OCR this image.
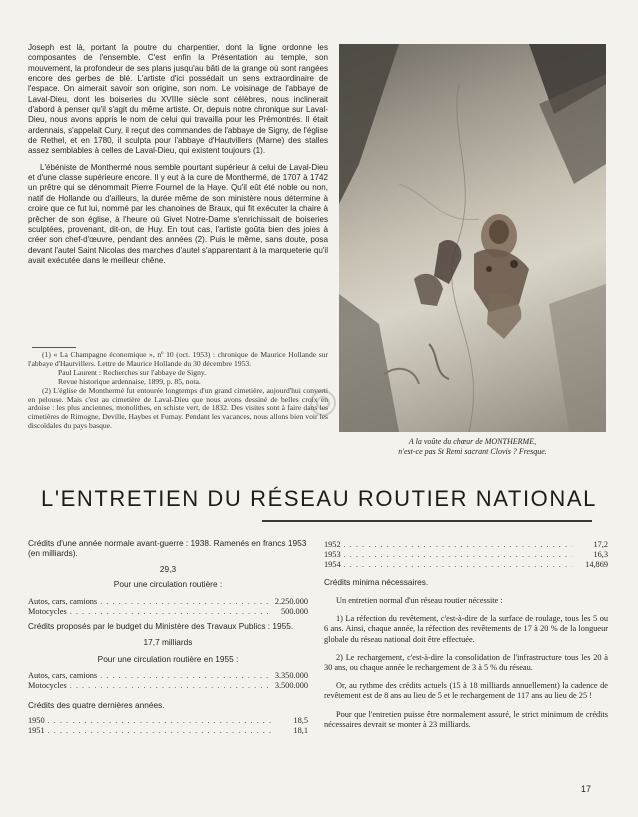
Joseph est là, portant la poutre du charpentier, dont la ligne ordonne les composantes de l'ensemble. C'est enfin la Présentation au temple, son mouvement, la profondeur de ses plans jusqu'au bâti de la grange où sont rangées encore des gerbes de blé. L'artiste d'ici possédait un sens extraordinaire de l'espace. On aimerait savoir son origine, son nom. Le voisinage de l'abbaye de Laval-Dieu, dont les boiseries du XVIIIe siècle sont célèbres, nous inclinerait d'abord à penser qu'il s'agit du même artiste. Or, depuis notre chronique sur Laval-Dieu, nous avons appris le nom de celui qui travailla pour les Prémontrés. Il était ardennais, s'appelait Cury, il reçut des commandes de l'abbaye de Signy, de l'église de Rethel, et en 1780, il sculpta pour l'abbaye d'Hautvillers (Marne) des stalles assez semblables à celles de Laval-Dieu, qui existent toujours (1).

L'ébéniste de Monthermé nous semble pourtant supérieur à celui de Laval-Dieu et d'une classe supérieure encore. Il y eut à la cure de Monthermé, de 1707 à 1742 un prêtre qui se dénommait Pierre Fournel de la Haye. Qu'il eût été noble ou non, natif de Hollande ou d'ailleurs, la durée même de son ministère nous détermine à croire que ce fut lui, nommé par les chanoines de Braux, qui fit exécuter la chaire à prêcher de son église, à l'heure où Givet Notre-Dame s'enrichissait de boiseries sculptées, provenant, dit-on, de Huy. En tout cas, l'artiste goûta bien des joies à créer son chef-d'œuvre, pendant des années (2). Puis le même, sans doute, posa devant l'autel Saint Nicolas des marches d'autel s'apparentant à la marqueterie qu'il avait exécutée dans le meilleur chêne.

(1) « La Champagne économique », nº 10 (oct. 1953) : chronique de Maurice Hollande sur l'abbaye d'Hautvillers. Lettre de Maurice Hollande du 30 décembre 1953.

Paul Laurent : Recherches sur l'abbaye de Signy.

Revue historique ardennaise, 1899, p. 85, nota.

(2) L'église de Monthermé fut entourée longtemps d'un grand cimetière, aujourd'hui converti en pelouse. Mais c'est au cimetière de Laval-Dieu que nous avons dessiné de belles croix en ardoise : les plus anciennes, monolithes, en schiste vert, de 1832. Des visites sont à faire dans les cimetières de Rimogne, Deville, Haybes et Fumay. Pendant les vacances, nous allons bien voir les discoïdales du pays basque.

A la voûte du chœur de MONTHERME,
n'est-ce pas St Remi sacrant Clovis ? Fresque.
L'ENTRETIEN DU RÉSEAU ROUTIER NATIONAL
Crédits d'une année normale avant-guerre : 1938. Ramenés en francs 1953 (en milliards).
29,3
Pour une circulation routière :
Autos, cars, camions . . .	2.250.000
Motocycles . . .	500.000
Crédits proposés par le budget du Ministère des Travaux Publics : 1955.
17,7 milliards
Pour une circulation routière en 1955 :
Autos, cars, camions . . .	3.350.000
Motocycles . . .	3.500.000
Crédits des quatre dernières années.
1950 . . .	18,5
1951 . . .	18,1
1952 . . .	17,2
1953 . . .	16,3
1954 . . .	14,869
Crédits minima nécessaires.
Un entretien normal d'un réseau routier nécessite :
1) La réfection du revêtement, c'est-à-dire de la surface de roulage, tous les 5 ou 6 ans. Ainsi, chaque année, la réfection des revêtements de 17 à 20 % de la longueur globale du réseau national doit être effectuée.
2) Le rechargement, c'est-à-dire la consolidation de l'infrastructure tous les 20 à 30 ans, ou chaque année le rechargement de 3 à 5 % du réseau.
Or, au rythme des crédits actuels (15 à 18 milliards annuellement) la cadence de revêtement est de 8 ans au lieu de 5 et le rechargement de 117 ans au lieu de 25 !
Pour que l'entretien puisse être normalement assuré, le strict minimum de crédits nécessaires devrait se monter à 23 milliards.
17
